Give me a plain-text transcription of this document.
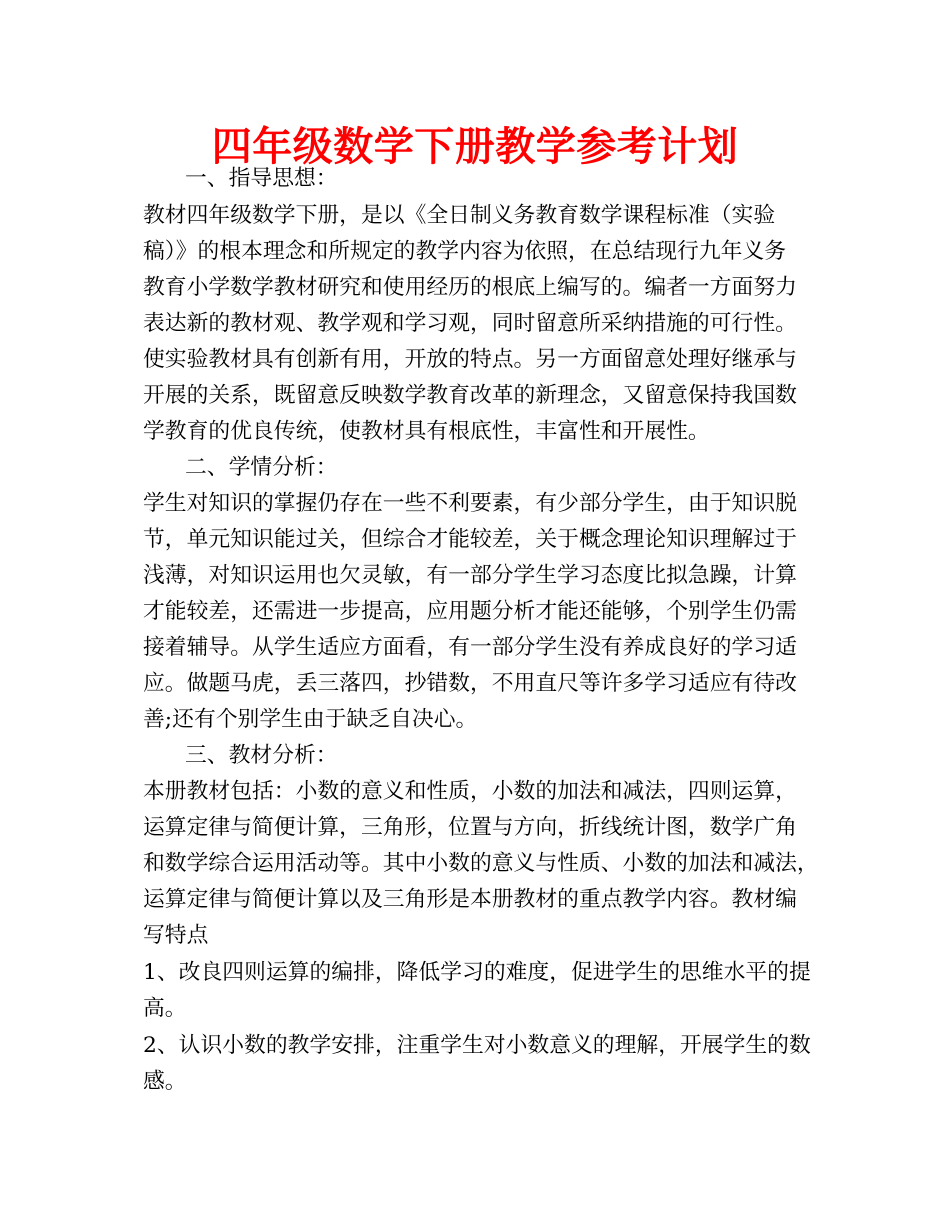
四年级数学下册教学参考计划
一、指导思想：
教材四年级数学下册，是以《全日制义务教育数学课程标准（实验
稿）》的根本理念和所规定的教学内容为依照，在总结现行九年义务
教育小学数学教材研究和使用经历的根底上编写的。编者一方面努力
表达新的教材观、教学观和学习观，同时留意所采纳措施的可行性。
使实验教材具有创新有用，开放的特点。另一方面留意处理好继承与
开展的关系，既留意反映数学教育改革的新理念，又留意保持我国数
学教育的优良传统，使教材具有根底性，丰富性和开展性。
二、学情分析：
学生对知识的掌握仍存在一些不利要素，有少部分学生，由于知识脱
节，单元知识能过关，但综合才能较差，关于概念理论知识理解过于
浅薄，对知识运用也欠灵敏，有一部分学生学习态度比拟急躁，计算
才能较差，还需进一步提高，应用题分析才能还能够，个别学生仍需
接着辅导。从学生适应方面看，有一部分学生没有养成良好的学习适
应。做题马虎，丢三落四，抄错数，不用直尺等许多学习适应有待改
善;还有个别学生由于缺乏自决心。
三、教材分析：
本册教材包括：小数的意义和性质，小数的加法和减法，四则运算，
运算定律与简便计算，三角形，位置与方向，折线统计图，数学广角
和数学综合运用活动等。其中小数的意义与性质、小数的加法和减法，
运算定律与简便计算以及三角形是本册教材的重点教学内容。教材编
写特点
1、改良四则运算的编排，降低学习的难度，促进学生的思维水平的提
高。
2、认识小数的教学安排，注重学生对小数意义的理解，开展学生的数
感。
